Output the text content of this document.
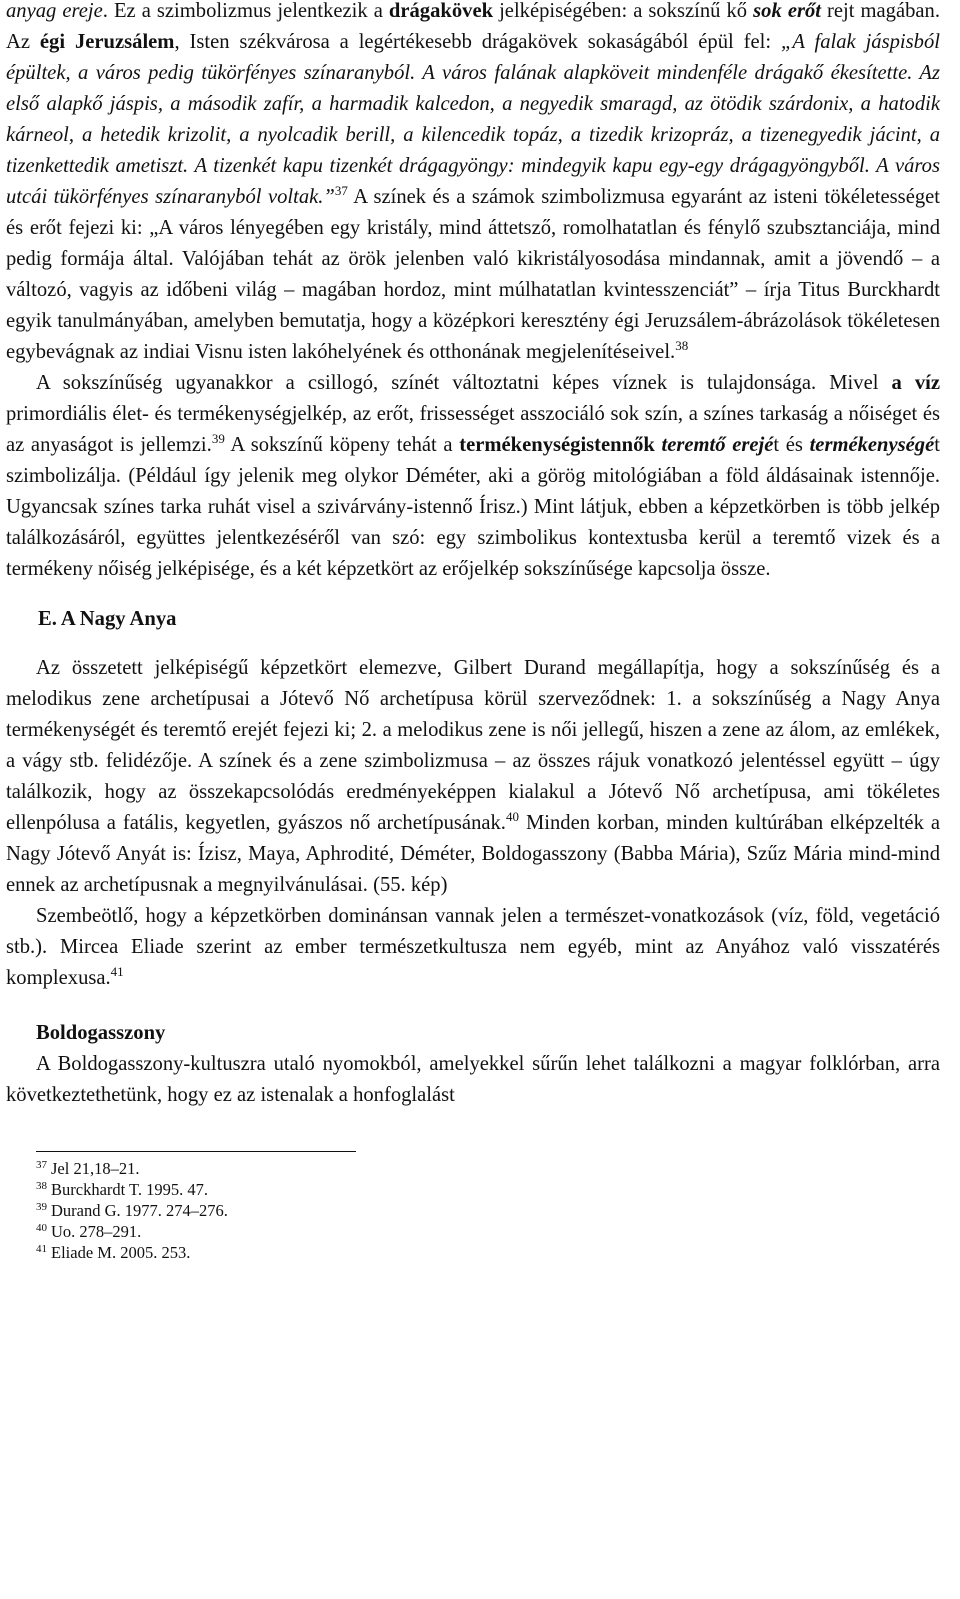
anyag ereje. Ez a szimbolizmus jelentkezik a drágakövek jelképiségében: a sokszínű kő sok erőt rejt magában. Az égi Jeruzsálem, Isten székvárosa a legértékesebb drágakövek sokaságából épül fel: „A falak jáspisból épültek, a város pedig tükörfényes színaranyból. A város falának alapköveit mindenféle drágakő ékesítette. Az első alapkő jáspis, a második zafír, a harmadik kalcedon, a negyedik smaragd, az ötödik szárdonix, a hatodik kárneol, a hetedik krizolit, a nyolcadik berill, a kilencedik topáz, a tizedik krizopráz, a tizenegyedik jácint, a tizenkettedik ametiszt. A tizenkét kapu tizenkét drágagyöngy: mindegyik kapu egy-egy drágagyöngyből. A város utcái tükörfényes színaranyból voltak.”$^{37}$ A színek és a számok szimbolizmusa egyaránt az isteni tökéletességet és erőt fejezi ki: „A város lényegében egy kristály, mind áttetsző, romolhatatlan és fénylő szubsztanciája, mind pedig formája által. Valójában tehát az örök jelenben való kikristályosodása mindannak, amit a jövendő – a változó, vagyis az időbeni világ – magában hordoz, mint múlhatatlan kvintesszenciát” – írja Titus Burckhardt egyik tanulmányában, amelyben bemutatja, hogy a középkori keresztény égi Jeruzsálem-ábrázolások tökéletesen egybevágnak az indiai Visnu isten lakóhelyének és otthonának megjelenítéseivel.$^{38}$

A sokszínűség ugyanakkor a csillogó, színét változtatni képes víznek is tulajdonsága. Mivel a víz primordiális élet- és termékenységjelkép, az erőt, frissességet asszociáló sok szín, a színes tarkaság a nőiséget és az anyaságot is jellemzi.$^{39}$ A sokszínű köpeny tehát a termékenységistennők teremtő erejét és termékenységét szimbolizálja. (Például így jelenik meg olykor Déméter, aki a görög mitológiában a föld áldásainak istennője. Ugyancsak színes tarka ruhát visel a szivárvány-istennő Írisz.) Mint látjuk, ebben a képzetkörben is több jelkép találkozásáról, együttes jelentkezéséről van szó: egy szimbolikus kontextusba kerül a teremtő vizek és a termékeny nőiség jelképisége, és a két képzetkört az erőjelkép sokszínűsége kapcsolja össze.

E. A Nagy Anya

Az összetett jelképiségű képzetkört elemezve, Gilbert Durand megállapítja, hogy a sokszínűség és a melodikus zene archetípusai a Jótevő Nő archetípusa körül szerveződnek: 1. a sokszínűség a Nagy Anya termékenységét és teremtő erejét fejezi ki; 2. a melodikus zene is női jellegű, hiszen a zene az álom, az emlékek, a vágy stb. felidézője. A színek és a zene szimbolizmusa – az összes rájuk vonatkozó jelentéssel együtt – úgy találkozik, hogy az összekapcsolódás eredményeképpen kialakul a Jótevő Nő archetípusa, ami tökéletes ellenpólusa a fatális, kegyetlen, gyászos nő archetípusának.$^{40}$ Minden korban, minden kultúrában elképzelték a Nagy Jótevő Anyát is: Ízisz, Maya, Aphrodité, Déméter, Boldogasszony (Babba Mária), Szűz Mária mind-mind ennek az archetípusnak a megnyilvánulásai. (55. kép)

Szembeötlő, hogy a képzetkörben dominánsan vannak jelen a természet-vonatkozások (víz, föld, vegetáció stb.). Mircea Eliade szerint az ember természetkultusza nem egyéb, mint az Anyához való visszatérés komplexusa.$^{41}$

Boldogasszony

A Boldogasszony-kultuszra utaló nyomokból, amelyekkel sűrűn lehet találkozni a magyar folklórban, arra következtethetünk, hogy ez az istenalak a honfoglalást

$^{37}$ Jel 21,18–21.
$^{38}$ Burckhardt T. 1995. 47.
$^{39}$ Durand G. 1977. 274–276.
$^{40}$ Uo. 278–291.
$^{41}$ Eliade M. 2005. 253.
